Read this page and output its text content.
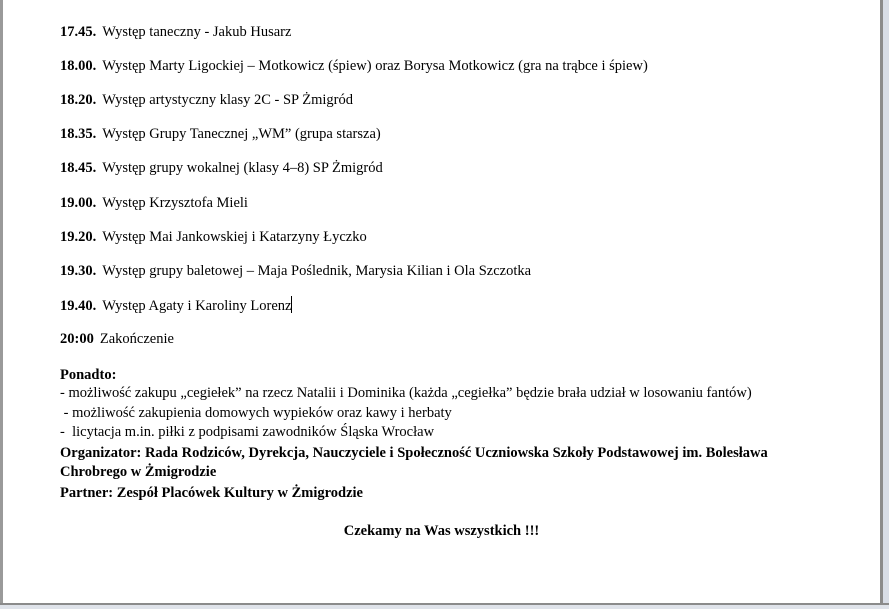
17.45. Występ taneczny - Jakub Husarz
18.00. Występ Marty Ligockiej – Motkowicz (śpiew) oraz Borysa Motkowicz (gra na trąbce i śpiew)
18.20. Występ artystyczny klasy 2C - SP Żmigród
18.35. Występ Grupy Tanecznej „WM” (grupa starsza)
18.45. Występ grupy wokalnej (klasy 4–8) SP Żmigród
19.00. Występ Krzysztofa Mieli
19.20. Występ Mai Jankowskiej i Katarzyny Łyczko
19.30. Występ grupy baletowej – Maja Poślednik, Marysia Kilian i Ola Szczotka
19.40. Występ Agaty i Karoliny Lorenz
20:00 Zakończenie
Ponadto:
- możliwość zakupu „cegiełek” na rzecz Natalii i Dominika (każda „cegiełka” będzie brała udział w losowaniu fantów)
- możliwość zakupienia domowych wypieków oraz kawy i herbaty
-  licytacja m.in. piłki z podpisami zawodników Śląska Wrocław
Organizator: Rada Rodziców, Dyrekcja, Nauczyciele i Społeczność Uczniowska Szkoły Podstawowej im. Bolesława Chrobrego w Żmigrodzie
Partner: Zespół Placówek Kultury w Żmigrodzie
Czekamy na Was wszystkich !!!
